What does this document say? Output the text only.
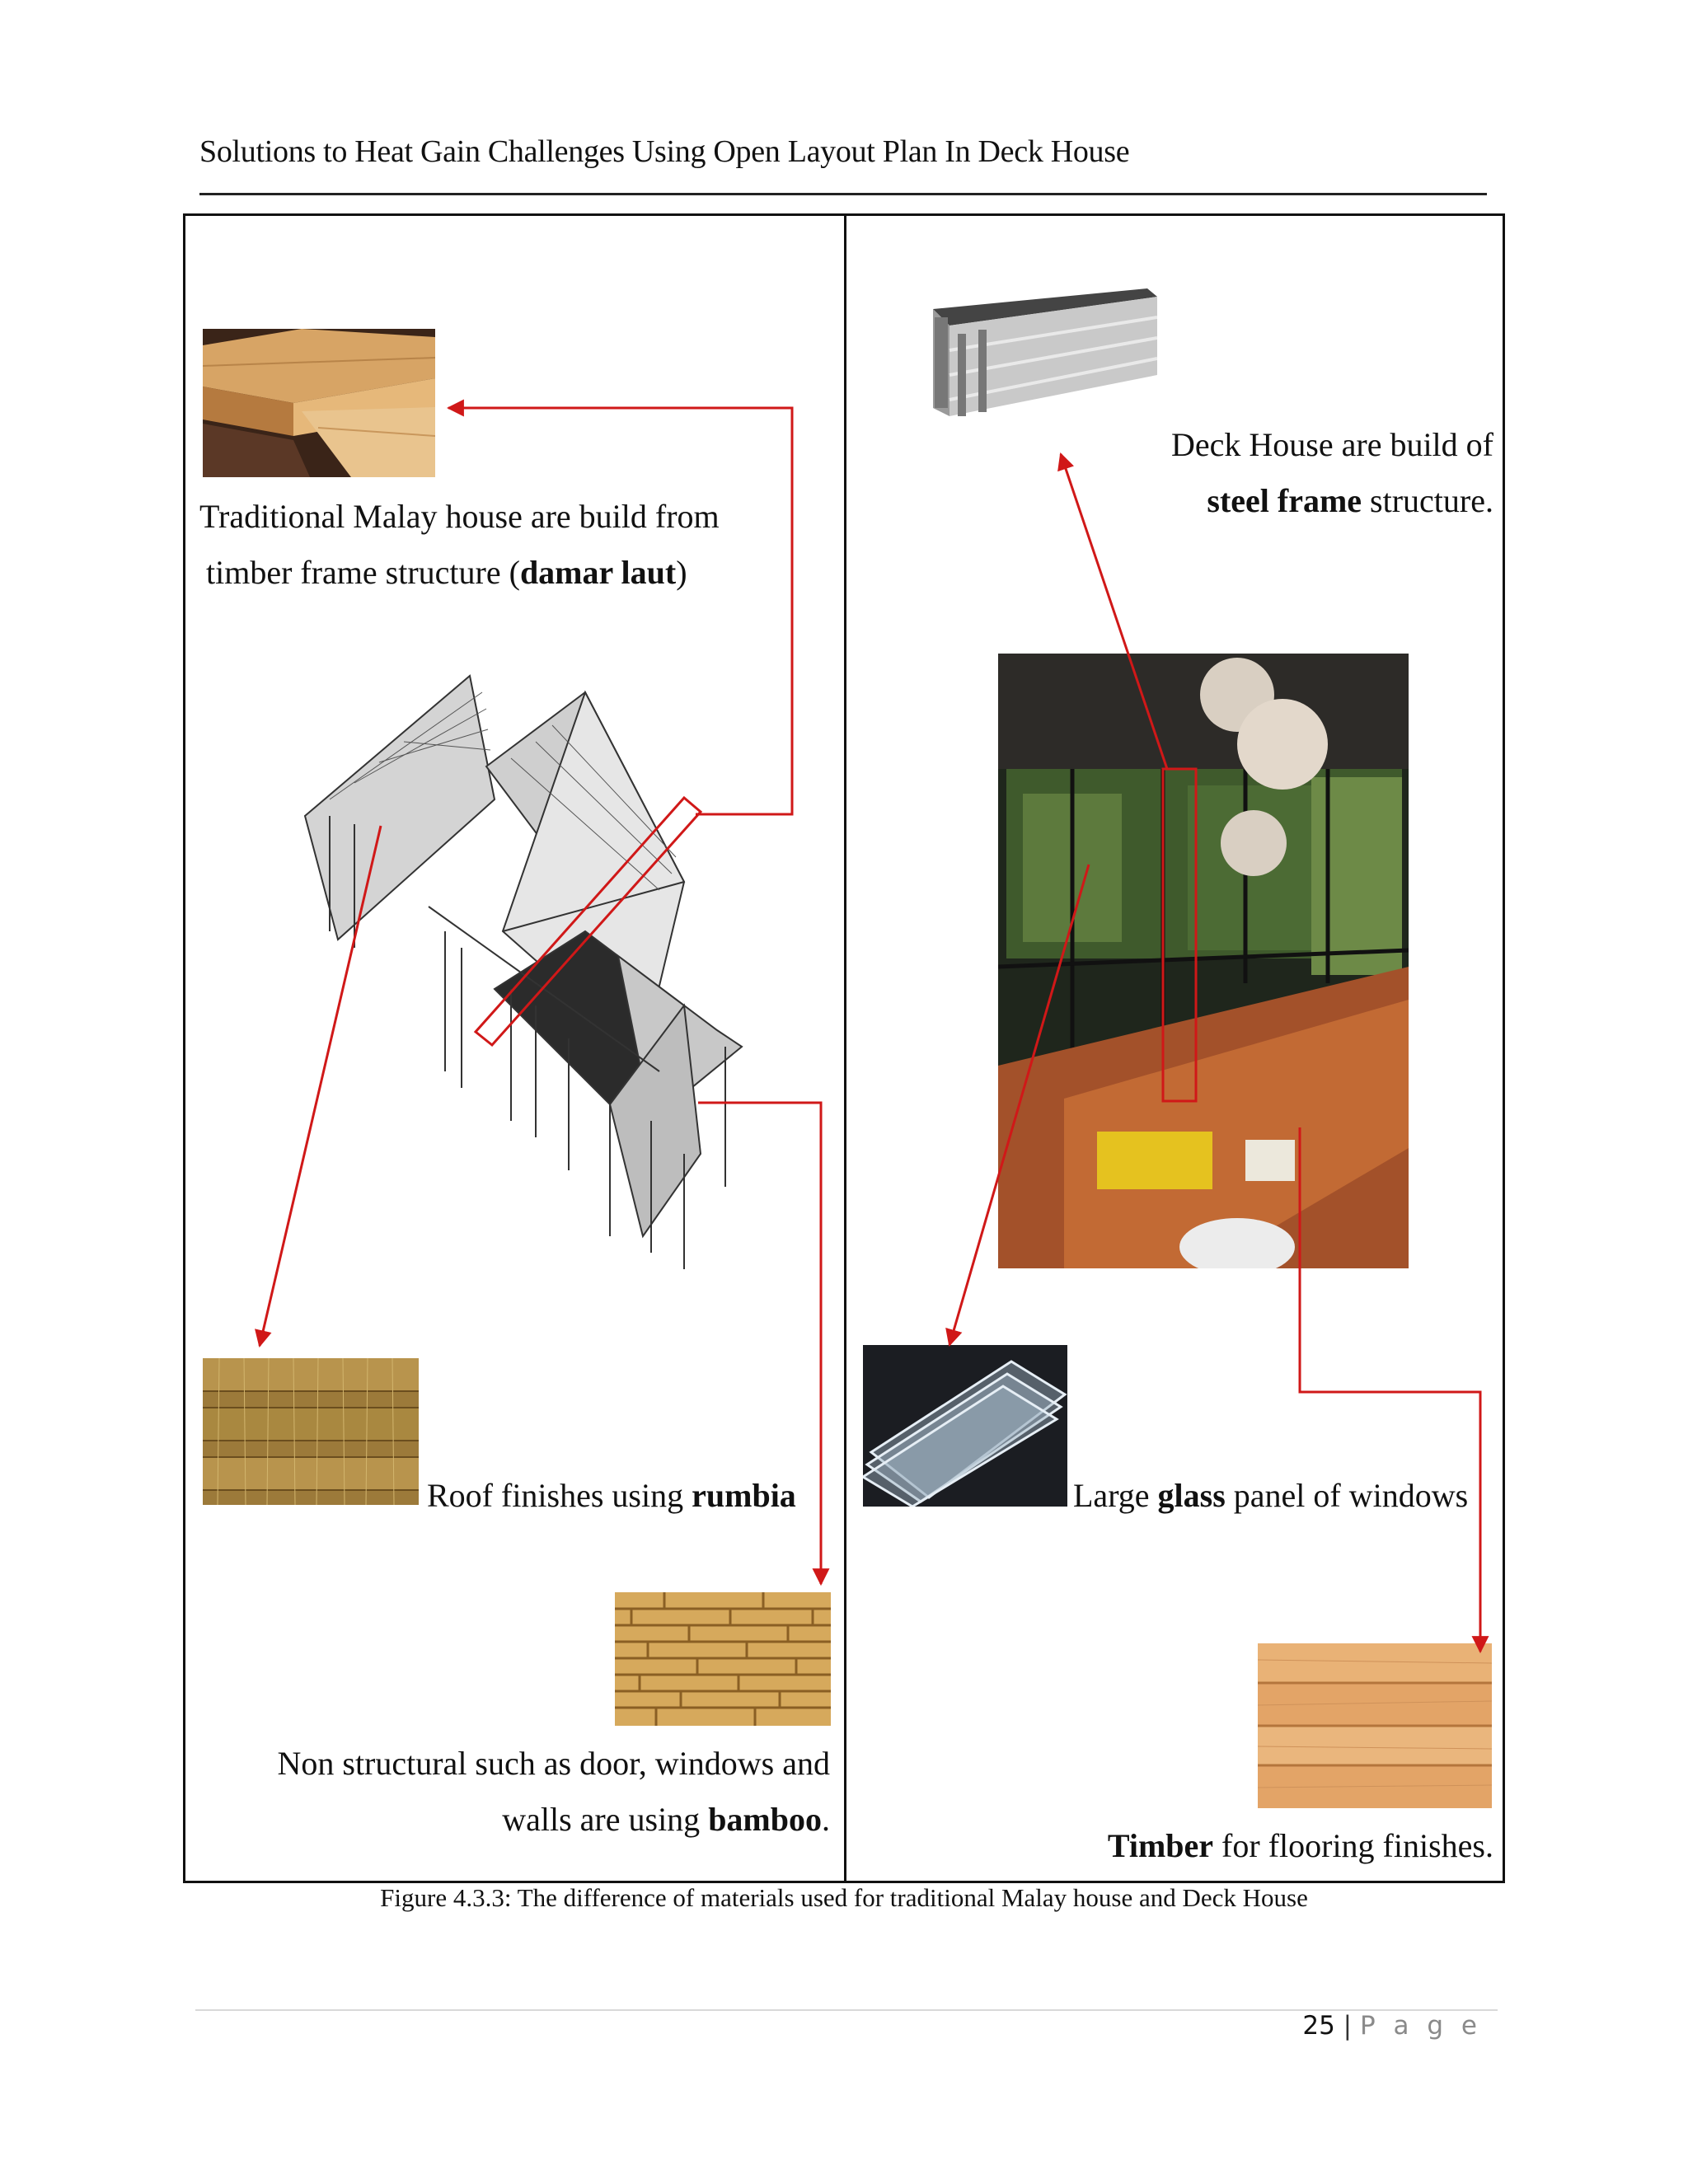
Solutions to Heat Gain Challenges Using Open Layout Plan In Deck House
Traditional Malay house are build from
timber frame structure (damar laut)
Roof finishes using rumbia
Non structural such as door, windows and
walls are using bamboo.
Deck House are build of
steel frame structure.
Large glass panel of windows
Timber for flooring finishes.
Figure 4.3.3: The difference of materials used for traditional Malay house and Deck House
25 | P a g e
